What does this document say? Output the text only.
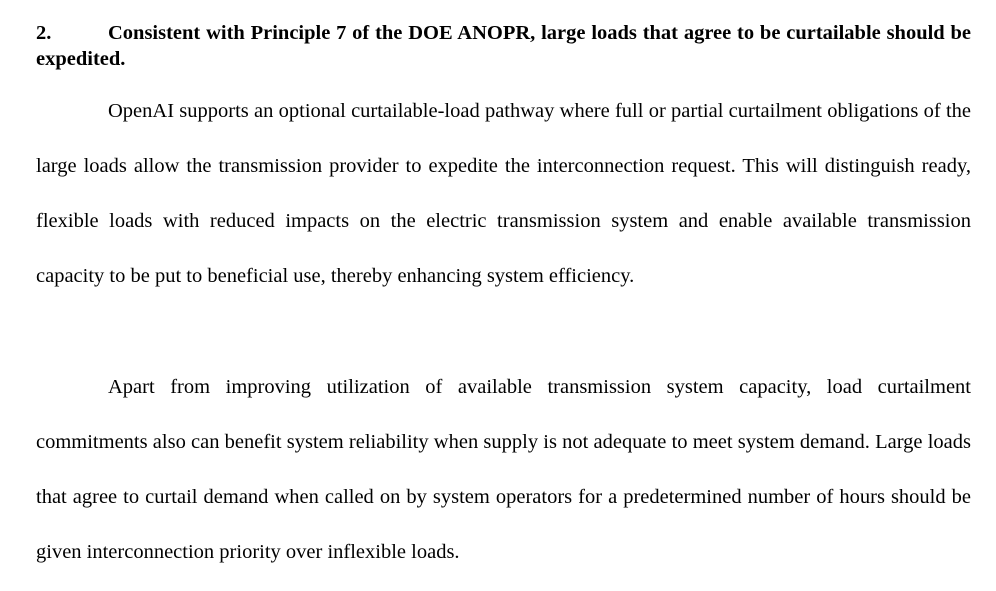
2.	Consistent with Principle 7 of the DOE ANOPR, large loads that agree to be curtailable should be expedited.

OpenAI supports an optional curtailable-load pathway where full or partial curtailment obligations of the large loads allow the transmission provider to expedite the interconnection request. This will distinguish ready, flexible loads with reduced impacts on the electric transmission system and enable available transmission capacity to be put to beneficial use, thereby enhancing system efficiency.

Apart from improving utilization of available transmission system capacity, load curtailment commitments also can benefit system reliability when supply is not adequate to meet system demand. Large loads that agree to curtail demand when called on by system operators for a predetermined number of hours should be given interconnection priority over inflexible loads.
